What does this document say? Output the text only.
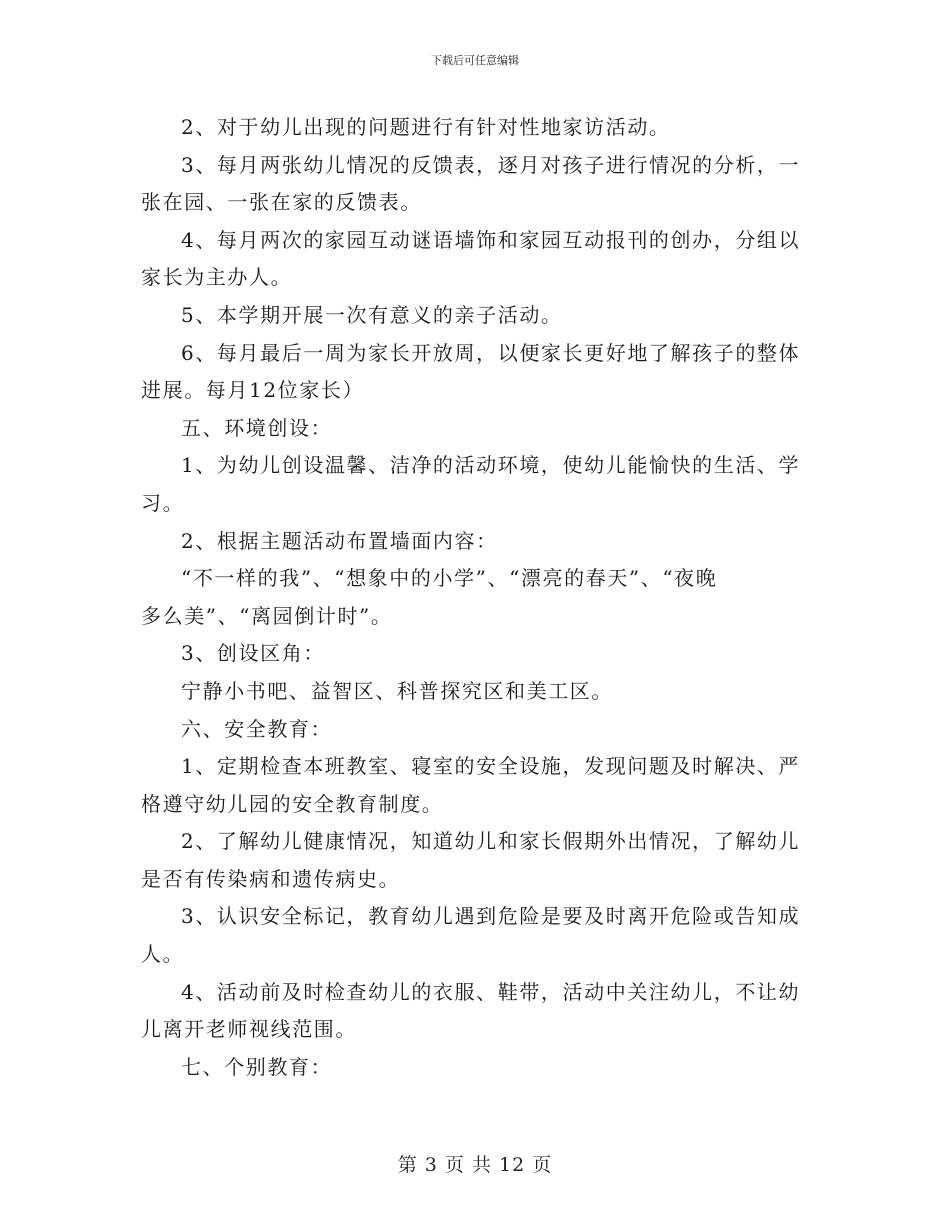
下载后可任意编辑

2、对于幼儿出现的问题进行有针对性地家访活动。

3、每月两张幼儿情况的反馈表，逐月对孩子进行情况的分析，一

张在园、一张在家的反馈表。

4、每月两次的家园互动谜语墙饰和家园互动报刊的创办，分组以

家长为主办人。

5、本学期开展一次有意义的亲子活动。

6、每月最后一周为家长开放周，以便家长更好地了解孩子的整体

进展。每月12位家长）

五、环境创设：

1、为幼儿创设温馨、洁净的活动环境，使幼儿能愉快的生活、学

习。

2、根据主题活动布置墙面内容：

“不一样的我”、“想象中的小学”、“漂亮的春天”、“夜晚

多么美”、“离园倒计时”。

3、创设区角：

宁静小书吧、益智区、科普探究区和美工区。

六、安全教育：

1、定期检查本班教室、寝室的安全设施，发现问题及时解决、严

格遵守幼儿园的安全教育制度。

2、了解幼儿健康情况，知道幼儿和家长假期外出情况，了解幼儿

是否有传染病和遗传病史。

3、认识安全标记，教育幼儿遇到危险是要及时离开危险或告知成

人。

4、活动前及时检查幼儿的衣服、鞋带，活动中关注幼儿，不让幼

儿离开老师视线范围。

七、个别教育：

第 3 页 共 12 页
